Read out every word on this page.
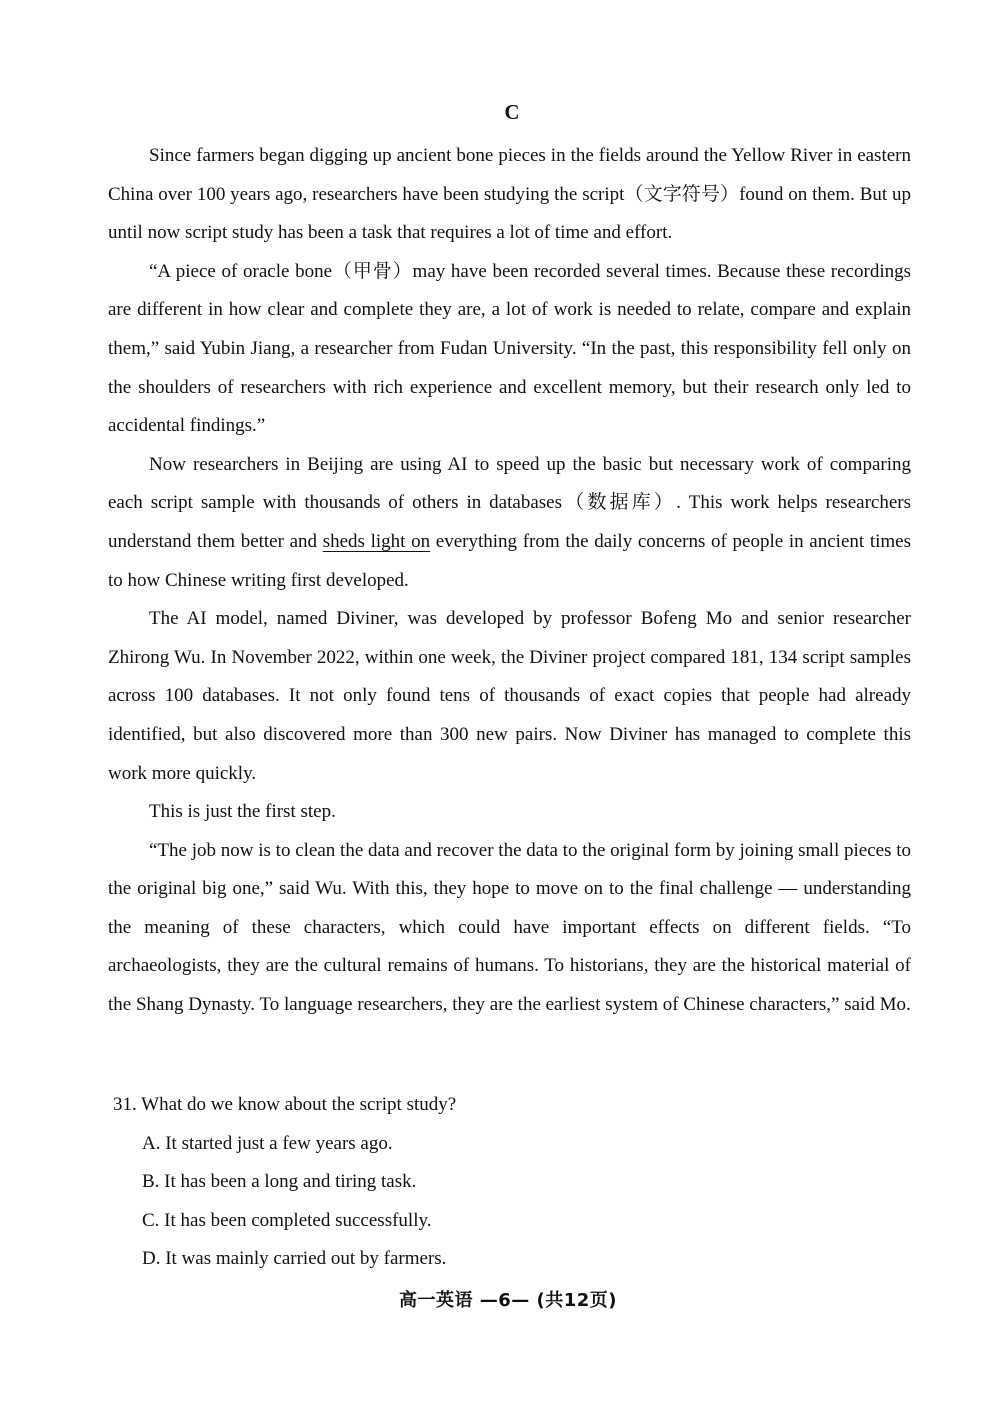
C

Since farmers began digging up ancient bone pieces in the fields around the Yellow River in eastern China over 100 years ago, researchers have been studying the script（文字符号）found on them. But up until now script study has been a task that requires a lot of time and effort.

“A piece of oracle bone（甲骨）may have been recorded several times. Because these recordings are different in how clear and complete they are, a lot of work is needed to relate, compare and explain them,” said Yubin Jiang, a researcher from Fudan University. “In the past, this responsibility fell only on the shoulders of researchers with rich experience and excellent memory, but their research only led to accidental findings.”

Now researchers in Beijing are using AI to speed up the basic but necessary work of comparing each script sample with thousands of others in databases（数据库）. This work helps researchers understand them better and sheds light on everything from the daily concerns of people in ancient times to how Chinese writing first developed.

The AI model, named Diviner, was developed by professor Bofeng Mo and senior researcher Zhirong Wu. In November 2022, within one week, the Diviner project compared 181, 134 script samples across 100 databases. It not only found tens of thousands of exact copies that people had already identified, but also discovered more than 300 new pairs. Now Diviner has managed to complete this work more quickly.

This is just the first step.

“The job now is to clean the data and recover the data to the original form by joining small pieces to the original big one,” said Wu. With this, they hope to move on to the final challenge — understanding the meaning of these characters, which could have important effects on different fields. “To archaeologists, they are the cultural remains of humans. To historians, they are the historical material of the Shang Dynasty. To language researchers, they are the earliest system of Chinese characters,” said Mo.

31. What do we know about the script study?

A. It started just a few years ago.

B. It has been a long and tiring task.

C. It has been completed successfully.

D. It was mainly carried out by farmers.

高一英语 —6— (共12页)
